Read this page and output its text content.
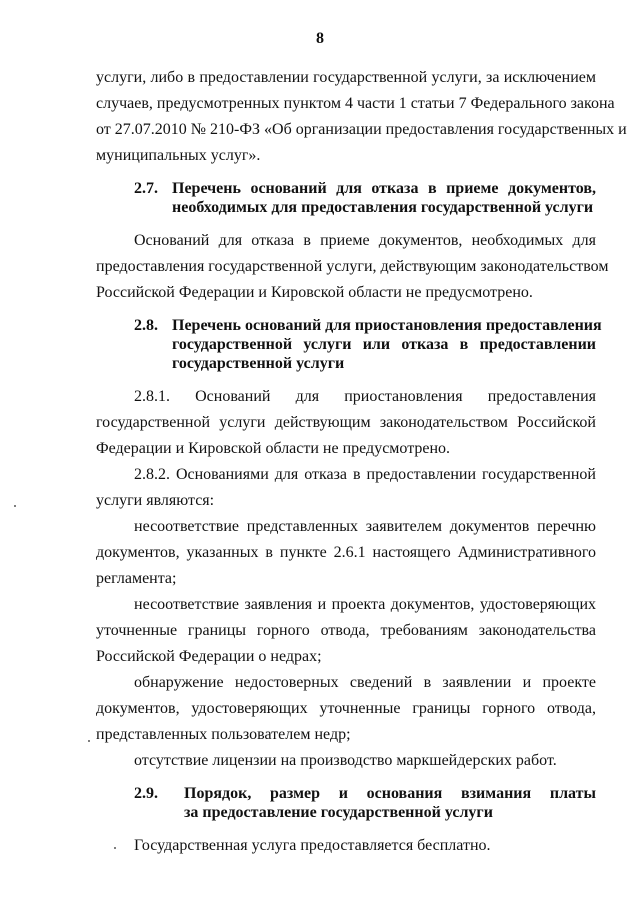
8
услуги, либо в предоставлении государственной услуги, за исключением
случаев, предусмотренных пунктом 4 части 1 статьи 7 Федерального закона
от 27.07.2010 № 210-ФЗ «Об организации предоставления государственных и
муниципальных услуг».
2.7. Перечень оснований для отказа в приеме документов,
необходимых для предоставления государственной услуги
Оснований для отказа в приеме документов, необходимых для
предоставления государственной услуги, действующим законодательством
Российской Федерации и Кировской области не предусмотрено.
2.8. Перечень оснований для приостановления предоставления
государственной услуги или отказа в предоставлении
государственной услуги
2.8.1. Оснований для приостановления предоставления
государственной услуги действующим законодательством Российской
Федерации и Кировской области не предусмотрено.
2.8.2. Основаниями для отказа в предоставлении государственной
услуги являются:
несоответствие представленных заявителем документов перечню
документов, указанных в пункте 2.6.1 настоящего Административного
регламента;
несоответствие заявления и проекта документов, удостоверяющих
уточненные границы горного отвода, требованиям законодательства
Российской Федерации о недрах;
обнаружение недостоверных сведений в заявлении и проекте
документов, удостоверяющих уточненные границы горного отвода,
представленных пользователем недр;
отсутствие лицензии на производство маркшейдерских работ.
2.9.	Порядок, размер и основания взимания платы
за предоставление государственной услуги
Государственная услуга предоставляется бесплатно.
